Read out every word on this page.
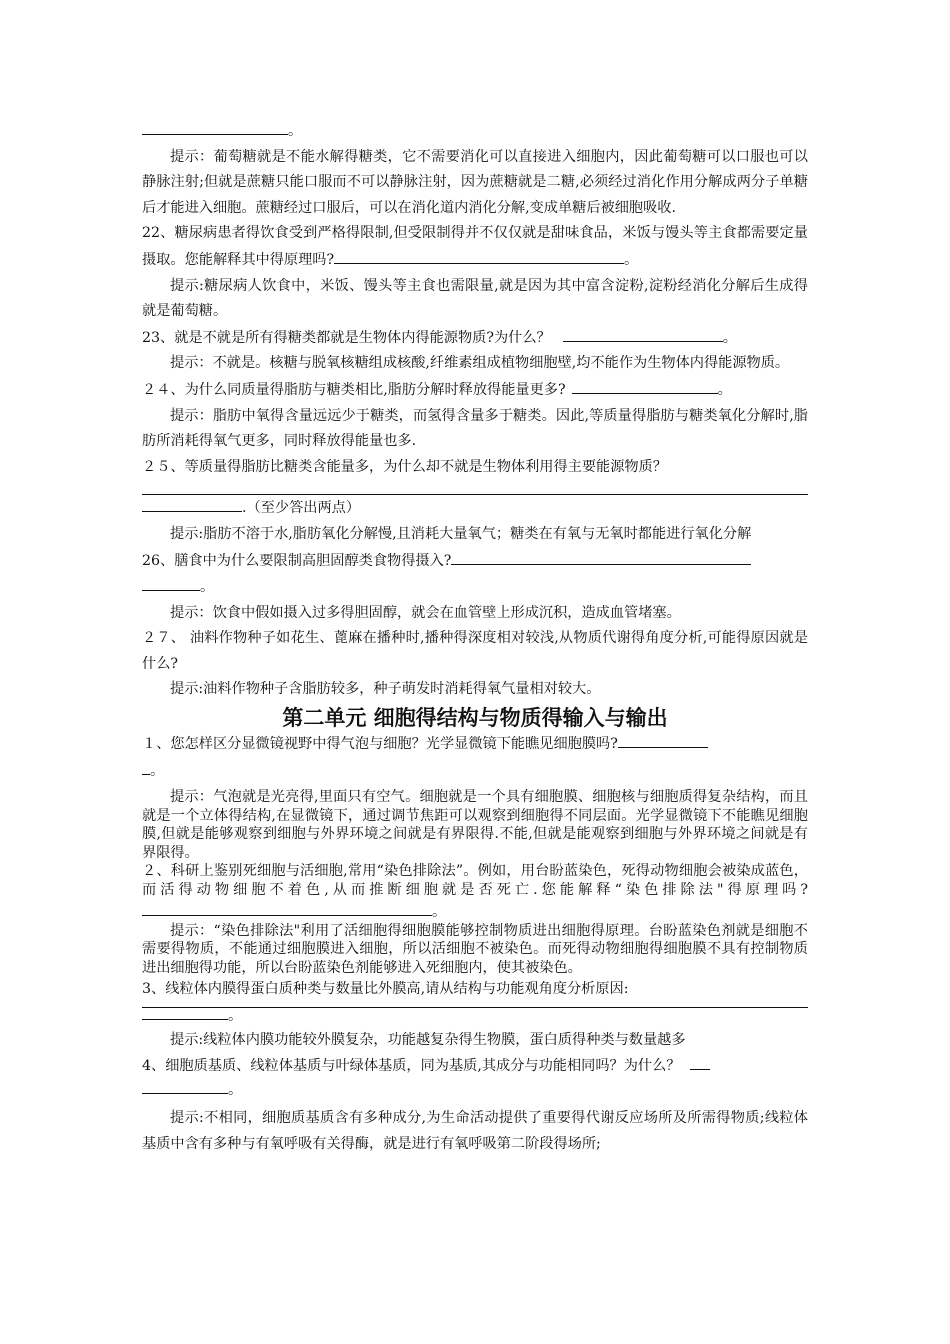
。
提示：葡萄糖就是不能水解得糖类，它不需要消化可以直接进入细胞内，因此葡萄糖可以口服也可以静脉注射;但就是蔗糖只能口服而不可以静脉注射，因为蔗糖就是二糖,必须经过消化作用分解成两分子单糖后才能进入细胞。蔗糖经过口服后，可以在消化道内消化分解,变成单糖后被细胞吸收.
22、糖尿病患者得饮食受到严格得限制,但受限制得并不仅仅就是甜味食品，米饭与馒头等主食都需要定量摄取。您能解释其中得原理吗?	。
提示:糖尿病人饮食中，米饭、馒头等主食也需限量,就是因为其中富含淀粉,淀粉经消化分解后生成得就是葡萄糖。
23、就是不就是所有得糖类都就是生物体内得能源物质?为什么？	。
提示：不就是。核糖与脱氧核糖组成核酸,纤维素组成植物细胞壁,均不能作为生物体内得能源物质。
２４、为什么同质量得脂肪与糖类相比,脂肪分解时释放得能量更多?	。
提示：脂肪中氧得含量远远少于糖类，而氢得含量多于糖类。因此,等质量得脂肪与糖类氧化分解时,脂肪所消耗得氧气更多，同时释放得能量也多.
２５、等质量得脂肪比糖类含能量多，为什么却不就是生物体利用得主要能源物质？
.（至少答出两点）
提示:脂肪不溶于水,脂肪氧化分解慢,且消耗大量氧气；糖类在有氧与无氧时都能进行氧化分解
26、膳食中为什么要限制高胆固醇类食物得摄入?
。
提示：饮食中假如摄入过多得胆固醇，就会在血管壁上形成沉积，造成血管堵塞。
２７、 油料作物种子如花生、蓖麻在播种时,播种得深度相对较浅,从物质代谢得角度分析,可能得原因就是什么?
提示:油料作物种子含脂肪较多，种子萌发时消耗得氧气量相对较大。
第二单元 细胞得结构与物质得输入与输出
１、您怎样区分显微镜视野中得气泡与细胞？光学显微镜下能瞧见细胞膜吗?
。
提示：气泡就是光亮得,里面只有空气。细胞就是一个具有细胞膜、细胞核与细胞质得复杂结构，而且就是一个立体得结构,在显微镜下，通过调节焦距可以观察到细胞得不同层面。光学显微镜下不能瞧见细胞膜,但就是能够观察到细胞与外界环境之间就是有界限得.不能,但就是能观察到细胞与外界环境之间就是有界限得。
２、科研上鉴别死细胞与活细胞,常用“染色排除法”。例如，用台盼蓝染色，死得动物细胞会被染成蓝色，而活得动物细胞不着色,从而推断细胞就是否死亡.您能解释“染色排除法"得原理吗?。
提示：“染色排除法"利用了活细胞得细胞膜能够控制物质进出细胞得原理。台盼蓝染色剂就是细胞不需要得物质，不能通过细胞膜进入细胞，所以活细胞不被染色。而死得动物细胞得细胞膜不具有控制物质进出细胞得功能，所以台盼蓝染色剂能够进入死细胞内，使其被染色。
3、线粒体内膜得蛋白质种类与数量比外膜高,请从结构与功能观角度分析原因:
。
提示:线粒体内膜功能较外膜复杂，功能越复杂得生物膜，蛋白质得种类与数量越多
4、细胞质基质、线粒体基质与叶绿体基质，同为基质,其成分与功能相同吗？为什么？
。
提示:不相同，细胞质基质含有多种成分,为生命活动提供了重要得代谢反应场所及所需得物质;线粒体基质中含有多种与有氧呼吸有关得酶，就是进行有氧呼吸第二阶段得场所;
